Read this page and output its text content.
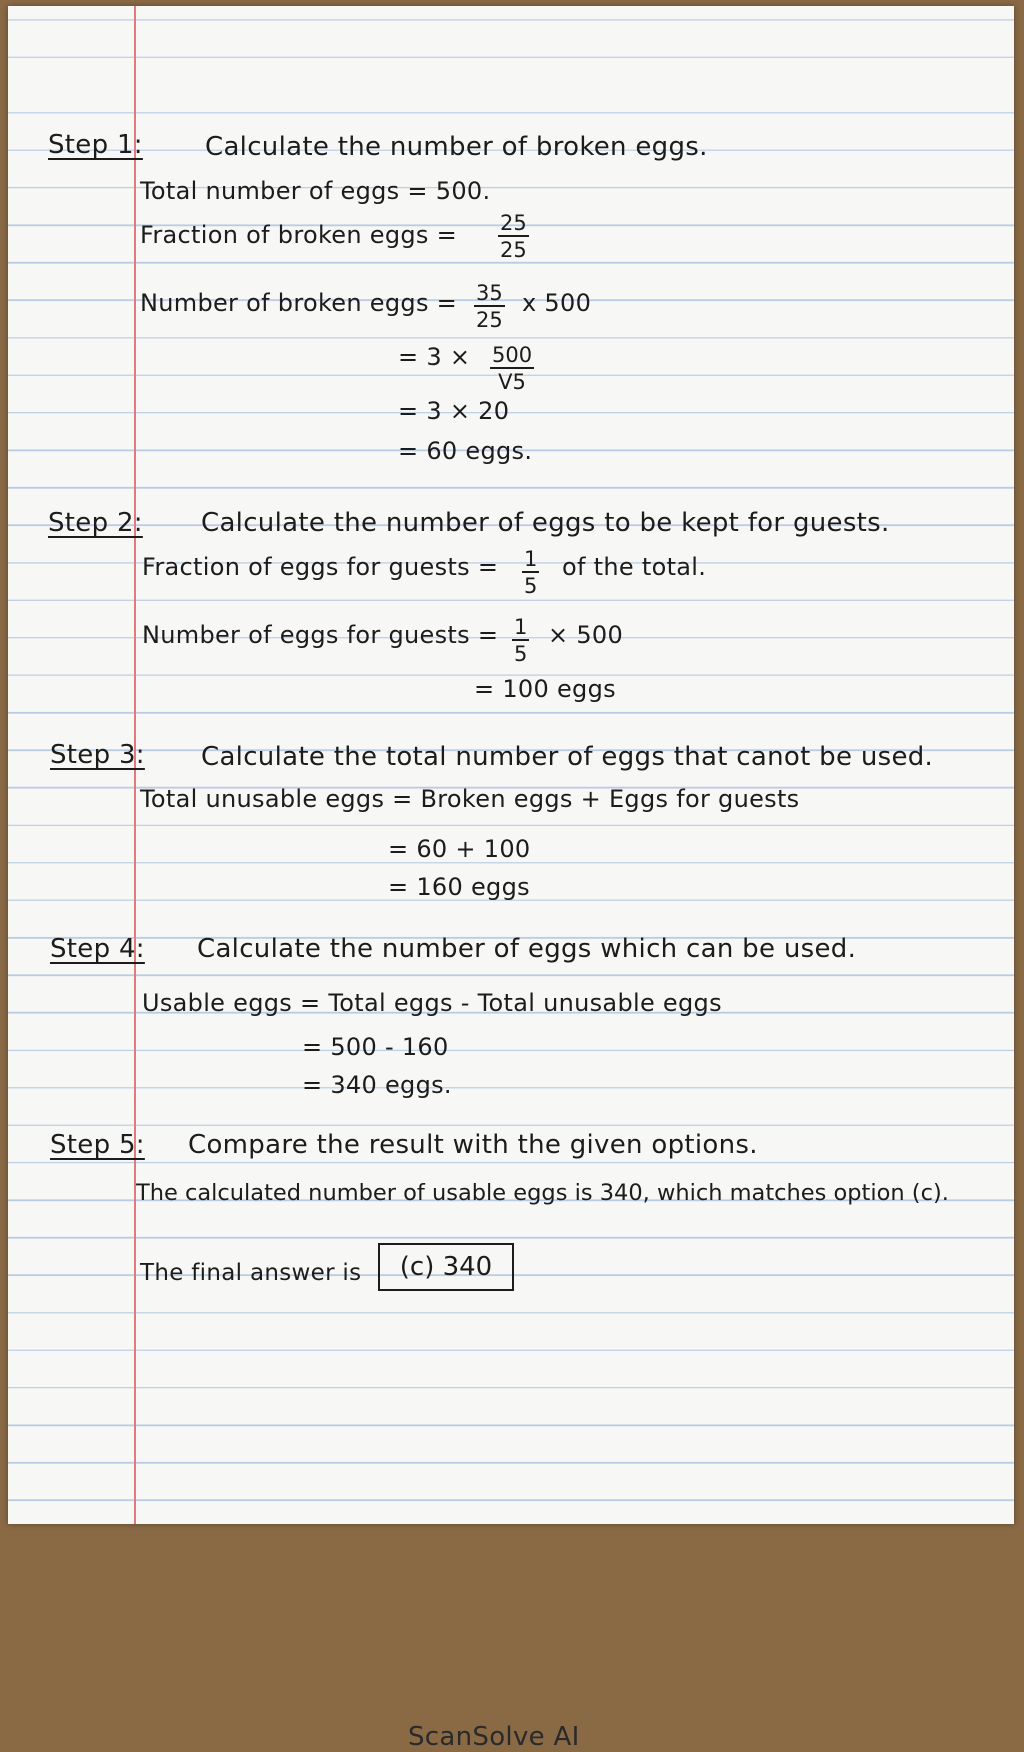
Step 1: Calculate the number of broken eggs.
Total number of eggs = 500.
Fraction of broken eggs = $\frac{25}{25}$
Number of broken eggs = $\frac{35}{25}$ x 500
= $3 \times \frac{500}{V5}$
= 3 × 20
= 60 eggs.
Step 2: Calculate the number of eggs to be kept for guests.
Fraction of eggs for guests = $\frac{1}{5}$ of the total.
Number of eggs for guests = $\frac{1}{5} \times 500$
= 100 eggs
Step 3: Calculate the total number of eggs that canot be used.
Total unusable eggs = Broken eggs + Eggs for guests
= 60 + 100
= 160 eggs
Step 4: Calculate the number of eggs which can be used.
Usable eggs = Total eggs - Total unusable eggs
= 500 - 160
= 340 eggs.
Step 5: Compare the result with the given options.
The calculated number of usable eggs is 340, which matches option (c).
The final answer is	(c) 340
ScanSolve AI
